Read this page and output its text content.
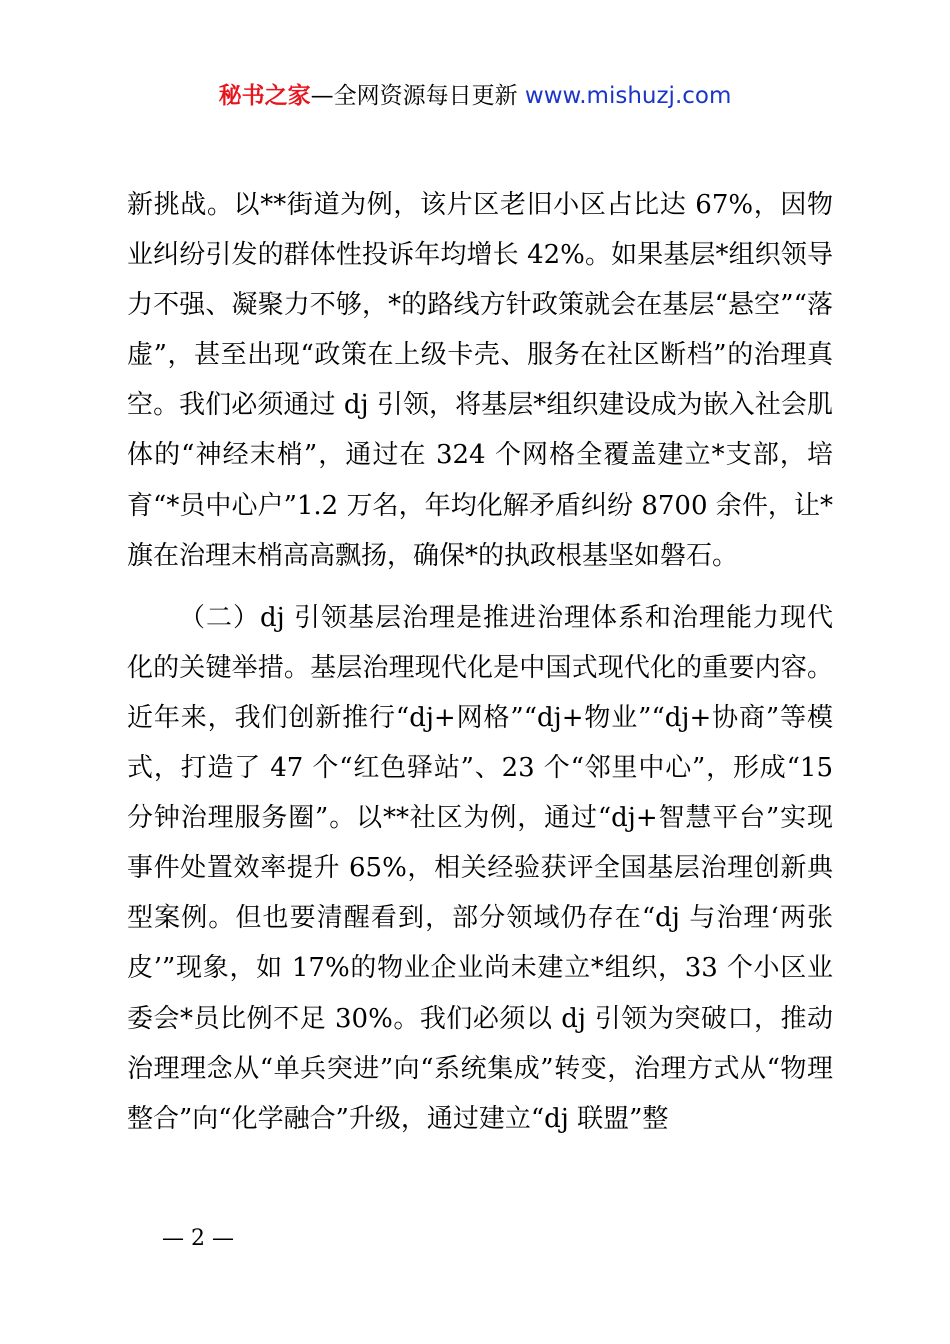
秘书之家—全网资源每日更新 www.mishuzj.com

新挑战。以**街道为例，该片区老旧小区占比达 67%，因物业纠纷引发的群体性投诉年均增长 42%。如果基层*组织领导力不强、凝聚力不够，*的路线方针政策就会在基层“悬空”“落虚”，甚至出现“政策在上级卡壳、服务在社区断档”的治理真空。我们必须通过 dj 引领，将基层*组织建设成为嵌入社会肌体的“神经末梢”，通过在 324 个网格全覆盖建立*支部，培育“*员中心户”1.2 万名，年均化解矛盾纠纷 8700 余件，让*旗在治理末梢高高飘扬，确保*的执政根基坚如磐石。

（二）dj 引领基层治理是推进治理体系和治理能力现代化的关键举措。基层治理现代化是中国式现代化的重要内容。近年来，我们创新推行“dj+网格”“dj+物业”“dj+协商”等模式，打造了 47 个“红色驿站”、23 个“邻里中心”，形成“15 分钟治理服务圈”。以**社区为例，通过“dj+智慧平台”实现事件处置效率提升 65%，相关经验获评全国基层治理创新典型案例。但也要清醒看到，部分领域仍存在“dj 与治理‘两张皮’”现象，如 17%的物业企业尚未建立*组织，33 个小区业委会*员比例不足 30%。我们必须以 dj 引领为突破口，推动治理理念从“单兵突进”向“系统集成”转变，治理方式从“物理整合”向“化学融合”升级，通过建立“dj 联盟”整

— 2 —
